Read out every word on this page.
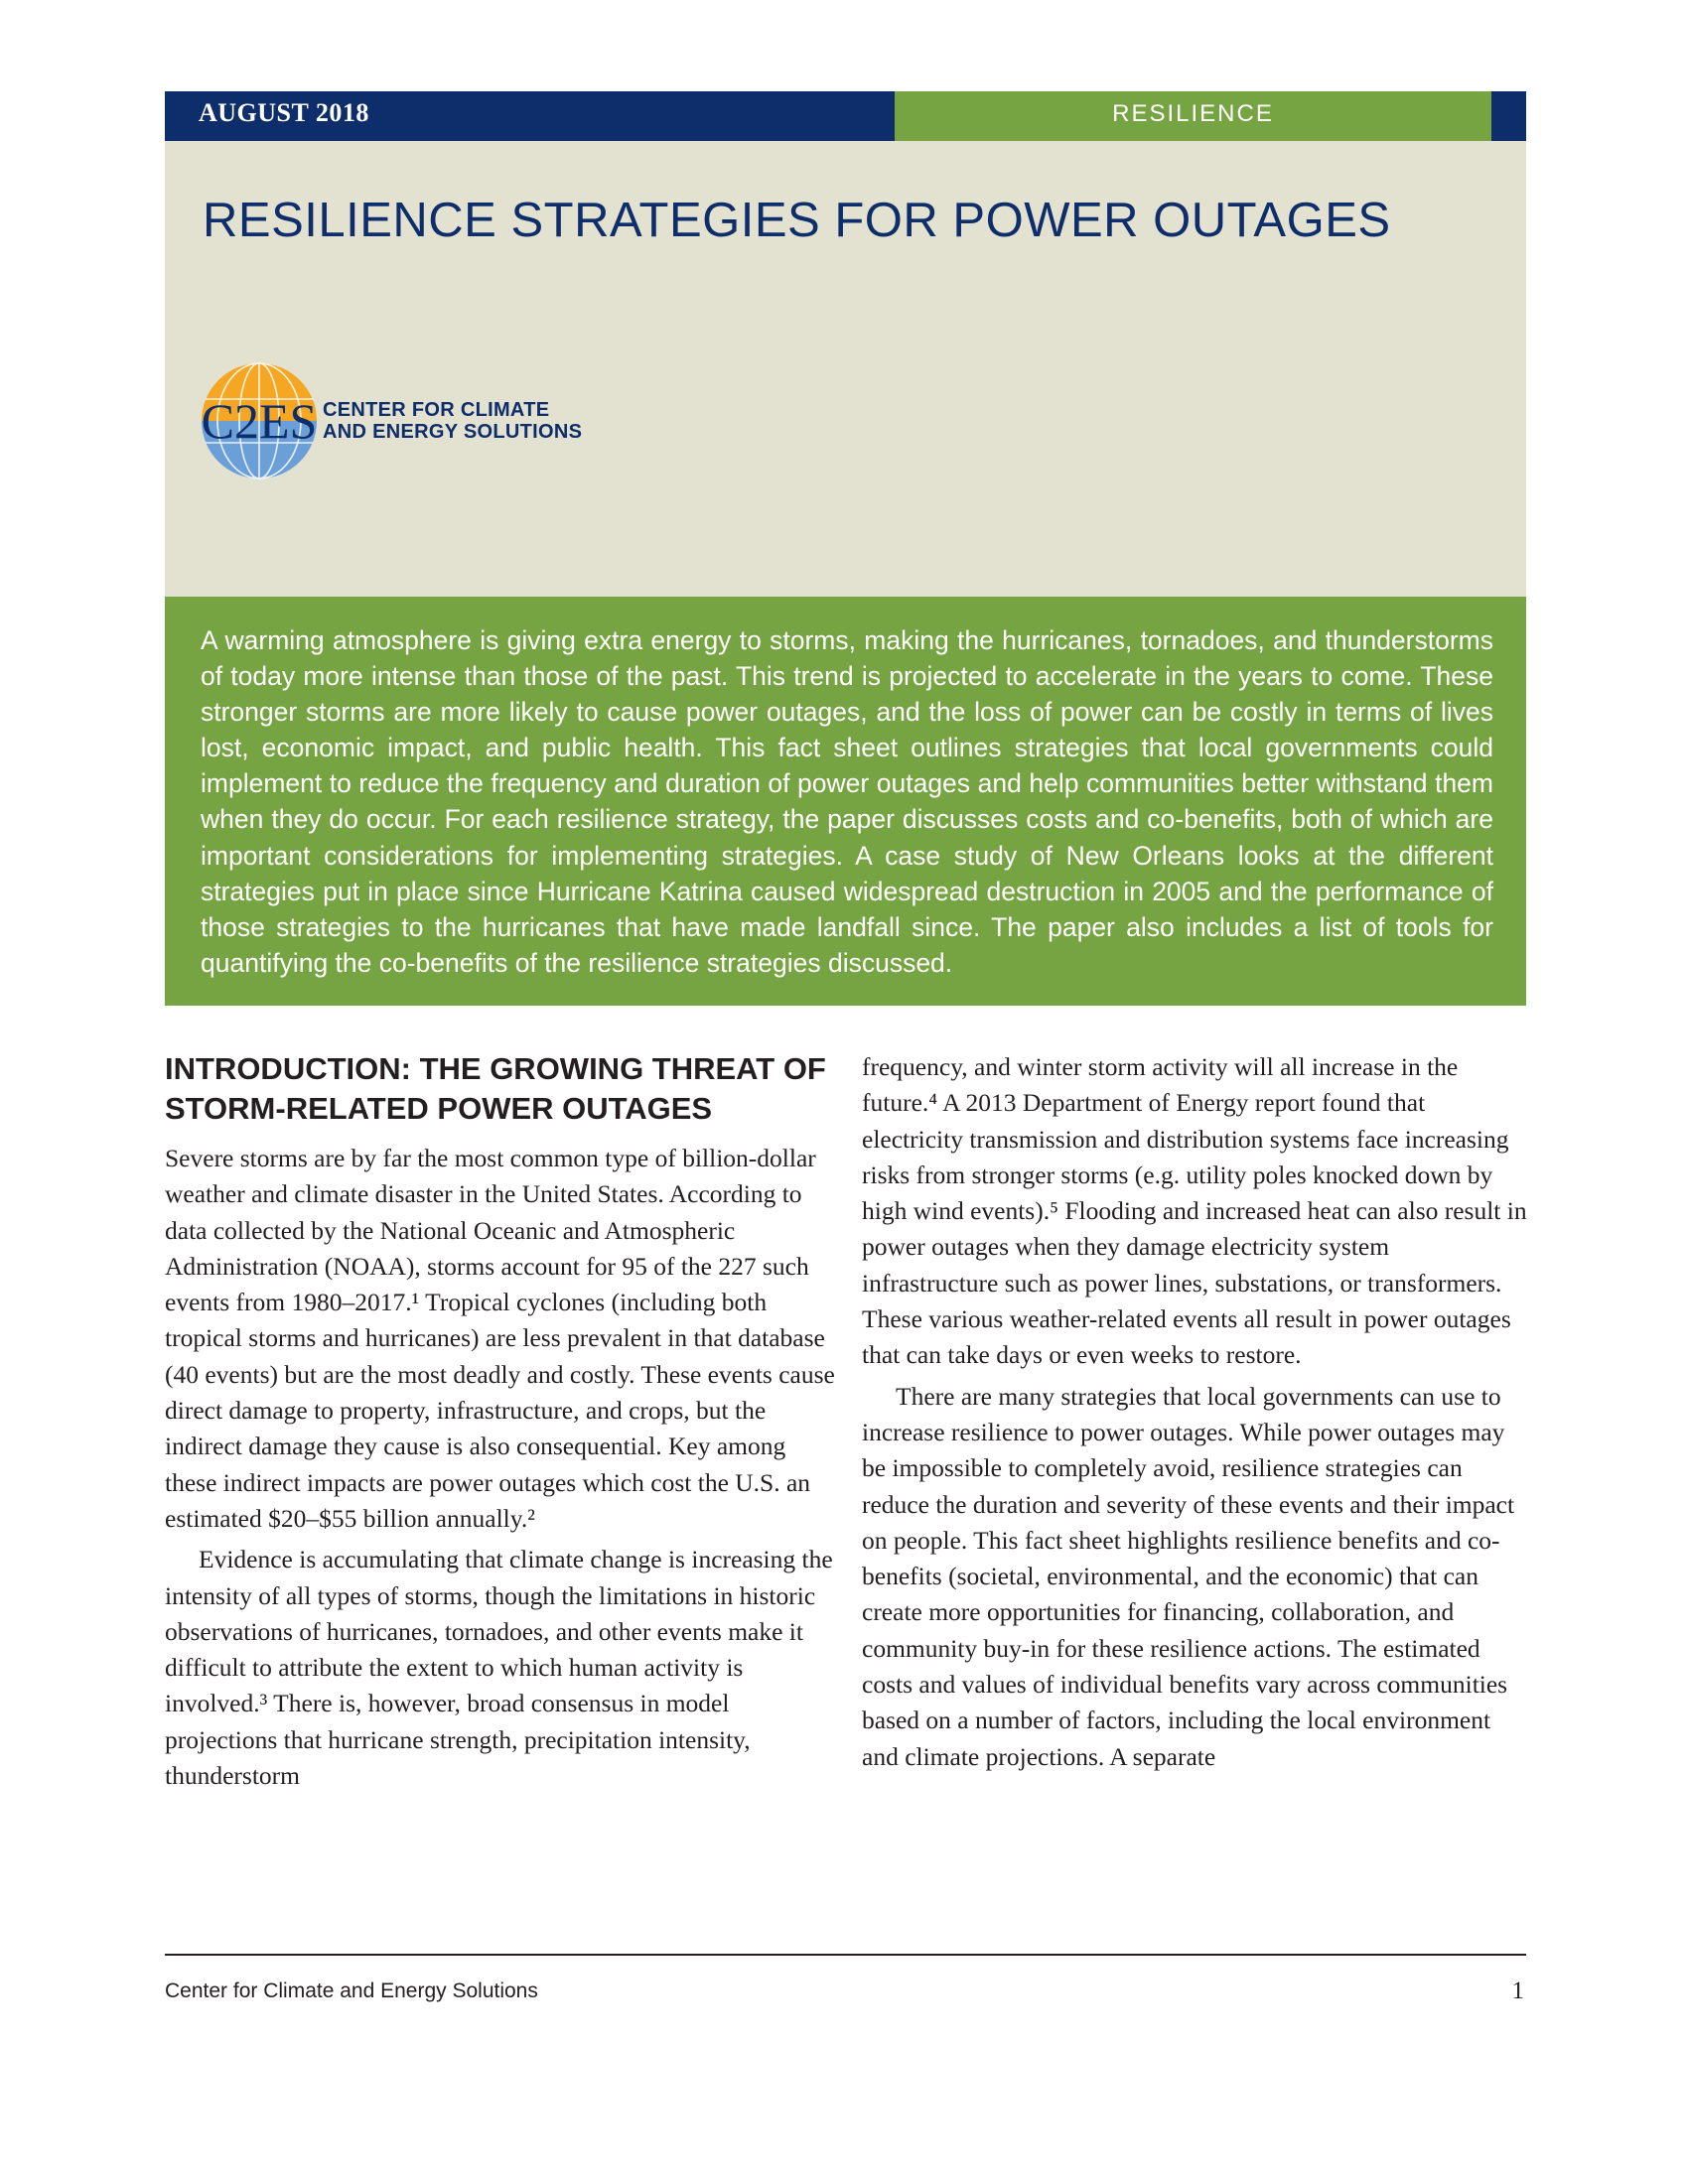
AUGUST 2018	RESILIENCE
RESILIENCE STRATEGIES FOR POWER OUTAGES
C2ES CENTER FOR CLIMATE
AND ENERGY SOLUTIONS

A warming atmosphere is giving extra energy to storms, making the hurricanes, tornadoes, and thunderstorms of today more intense than those of the past. This trend is projected to accelerate in the years to come. These stronger storms are more likely to cause power outages, and the loss of power can be costly in terms of lives lost, economic impact, and public health. This fact sheet outlines strategies that local governments could implement to reduce the frequency and duration of power outages and help communities better withstand them when they do occur. For each resilience strategy, the paper discusses costs and co-benefits, both of which are important considerations for implementing strategies. A case study of New Orleans looks at the different strategies put in place since Hurricane Katrina caused widespread destruction in 2005 and the performance of those strategies to the hurricanes that have made landfall since. The paper also includes a list of tools for quantifying the co-benefits of the resilience strategies discussed.

INTRODUCTION: THE GROWING THREAT OF STORM-RELATED POWER OUTAGES

Severe storms are by far the most common type of billion-dollar weather and climate disaster in the United States. According to data collected by the National Oceanic and Atmospheric Administration (NOAA), storms account for 95 of the 227 such events from 1980–2017.¹ Tropical cyclones (including both tropical storms and hurricanes) are less prevalent in that database (40 events) but are the most deadly and costly. These events cause direct damage to property, infrastructure, and crops, but the indirect damage they cause is also consequential. Key among these indirect impacts are power outages which cost the U.S. an estimated $20–$55 billion annually.²

Evidence is accumulating that climate change is increasing the intensity of all types of storms, though the limitations in historic observations of hurricanes, tornadoes, and other events make it difficult to attribute the extent to which human activity is involved.³ There is, however, broad consensus in model projections that hurricane strength, precipitation intensity, thunderstorm

frequency, and winter storm activity will all increase in the future.⁴ A 2013 Department of Energy report found that electricity transmission and distribution systems face increasing risks from stronger storms (e.g. utility poles knocked down by high wind events).⁵ Flooding and increased heat can also result in power outages when they damage electricity system infrastructure such as power lines, substations, or transformers. These various weather-related events all result in power outages that can take days or even weeks to restore.

There are many strategies that local governments can use to increase resilience to power outages. While power outages may be impossible to completely avoid, resilience strategies can reduce the duration and severity of these events and their impact on people. This fact sheet highlights resilience benefits and co-benefits (societal, environmental, and the economic) that can create more opportunities for financing, collaboration, and community buy-in for these resilience actions. The estimated costs and values of individual benefits vary across communities based on a number of factors, including the local environment and climate projections. A separate

Center for Climate and Energy Solutions	1
